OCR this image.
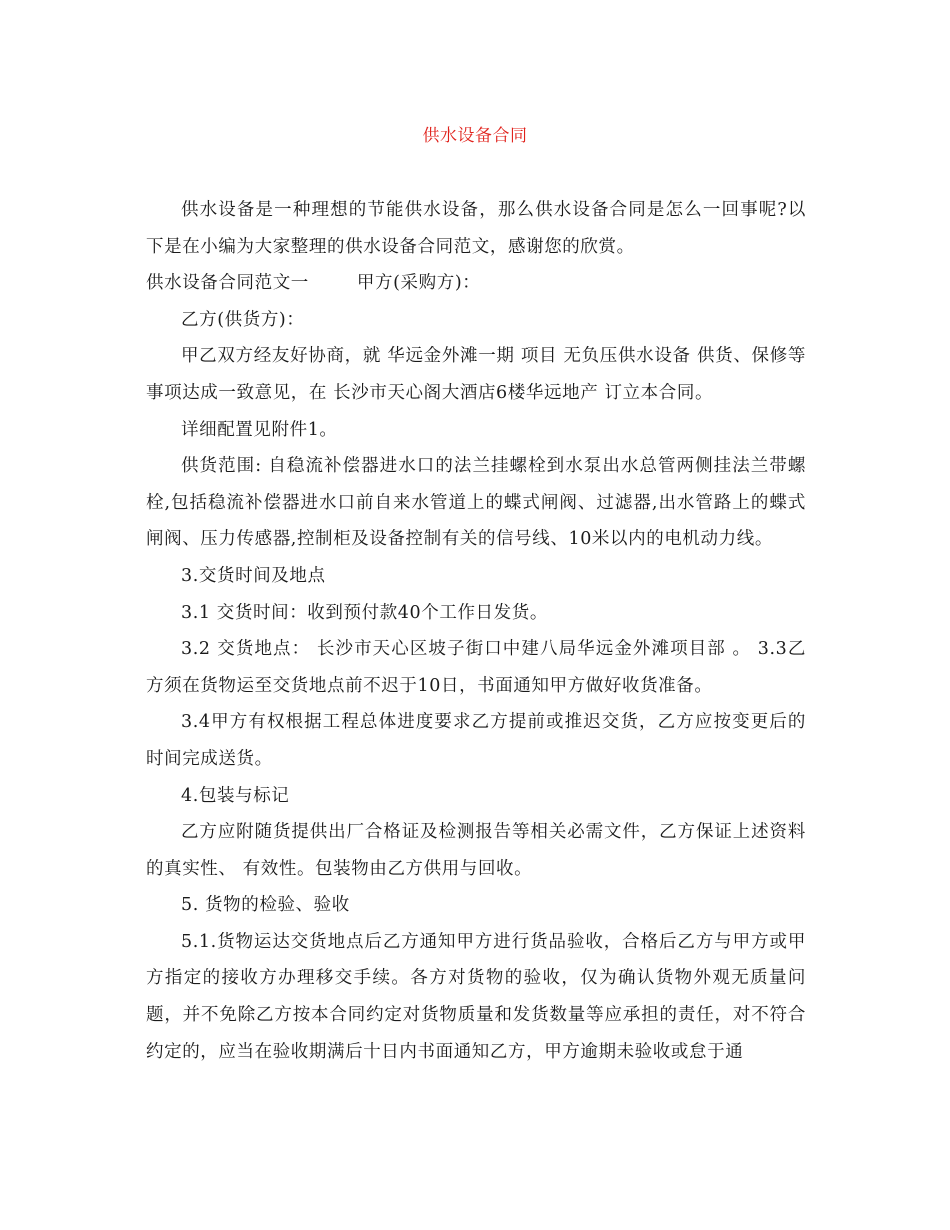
供水设备合同

供水设备是一种理想的节能供水设备，那么供水设备合同是怎么一回事呢?以下是在小编为大家整理的供水设备合同范文，感谢您的欣赏。

供水设备合同范文一	甲方(采购方)：

乙方(供货方)：

甲乙双方经友好协商，就 华远金外滩一期 项目 无负压供水设备 供货、保修等事项达成一致意见，在 长沙市天心阁大酒店6楼华远地产 订立本合同。

详细配置见附件1。

供货范围: 自稳流补偿器进水口的法兰挂螺栓到水泵出水总管两侧挂法兰带螺栓,包括稳流补偿器进水口前自来水管道上的蝶式闸阀、过滤器,出水管路上的蝶式闸阀、压力传感器,控制柜及设备控制有关的信号线、10米以内的电机动力线。

3.交货时间及地点

3.1 交货时间：收到预付款40个工作日发货。

3.2 交货地点： 长沙市天心区坡子街口中建八局华远金外滩项目部 。 3.3乙方须在货物运至交货地点前不迟于10日，书面通知甲方做好收货准备。

3.4甲方有权根据工程总体进度要求乙方提前或推迟交货，乙方应按变更后的时间完成送货。

4.包装与标记

乙方应附随货提供出厂合格证及检测报告等相关必需文件，乙方保证上述资料的真实性、 有效性。包装物由乙方供用与回收。

5. 货物的检验、验收

5.1.货物运达交货地点后乙方通知甲方进行货品验收，合格后乙方与甲方或甲方指定的接收方办理移交手续。各方对货物的验收，仅为确认货物外观无质量问题，并不免除乙方按本合同约定对货物质量和发货数量等应承担的责任，对不符合约定的，应当在验收期满后十日内书面通知乙方，甲方逾期未验收或怠于通
